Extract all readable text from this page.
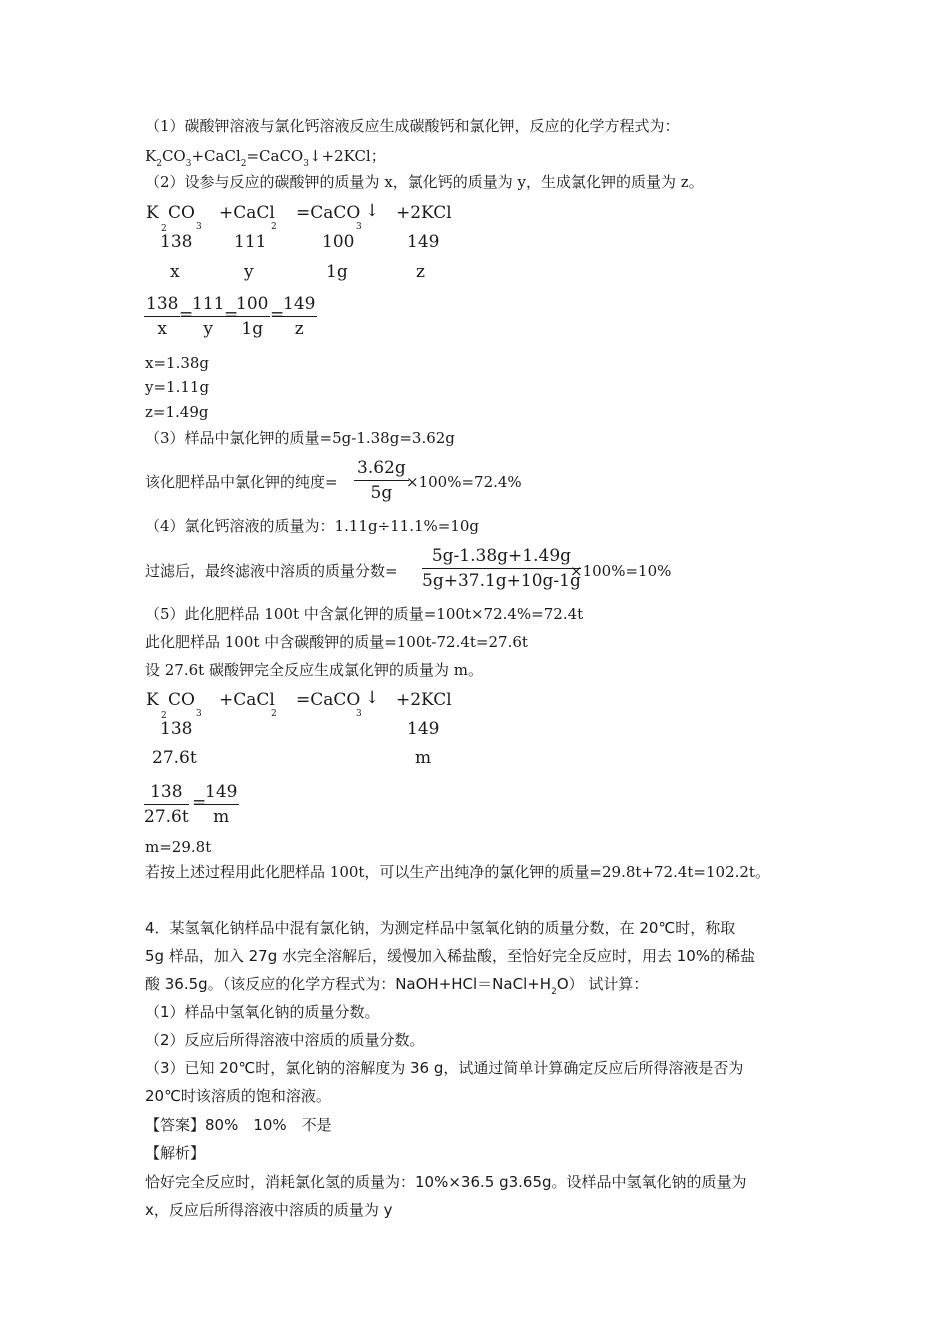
（1）碳酸钾溶液与氯化钙溶液反应生成碳酸钙和氯化钾，反应的化学方程式为：
$K_2CO_3+CaCl_2=CaCO_3↓+2KCl$；
（2）设参与反应的碳酸钾的质量为 x，氯化钙的质量为 y，生成氯化钾的质量为 z。
K CO
2	3
+CaCl
2
=CaCO
3
↓ +2KCl
138 111	100	149
x	y	1g	z
$\frac{138}{x}$
=
$\frac{111}{y}$
=
$\frac{100}{1g}$ =
$\frac{149}{z}$
x=1.38g
y=1.11g
z=1.49g
（3）样品中氯化钾的质量=5g-1.38g=3.62g
该化肥样品中氯化钾的纯度= $\frac{3.62g}{5g}$
×100%=72.4%
（4）氯化钙溶液的质量为：1.11g÷11.1%=10g
过滤后，最终滤液中溶质的质量分数= $\frac{5g-1.38g+1.49g}{5g+37.1g+10g-1g}$
×100%=10%
（5）此化肥样品 100t 中含氯化钾的质量=100t×72.4%=72.4t
此化肥样品 100t 中含碳酸钾的质量=100t-72.4t=27.6t
设 27.6t 碳酸钾完全反应生成氯化钾的质量为 m。
K CO
2	3
+CaCl
2
=CaCO
3
↓ +2KCl
138	149
27.6t	m
$\frac{138}{27.6t}$ =
$\frac{149}{m}$
m=29.8t
若按上述过程用此化肥样品 100t，可以生产出纯净的氯化钾的质量=29.8t+72.4t=102.2t。
4．某氢氧化钠样品中混有氯化钠，为测定样品中氢氧化钠的质量分数，在 20℃时，称取
5g 样品，加入 27g 水完全溶解后，缓慢加入稀盐酸，至恰好完全反应时，用去 10%的稀盐
酸 36.5g。（该反应的化学方程式为：$NaOH+HCl=NaCl+H_2O$） 试计算：
（1）样品中氢氧化钠的质量分数。
（2）反应后所得溶液中溶质的质量分数。
（3）已知 20℃时，氯化钠的溶解度为 36 g，试通过简单计算确定反应后所得溶液是否为
20℃时该溶质的饱和溶液。
【答案】80%　10%　不是
【解析】
恰好完全反应时，消耗氯化氢的质量为：10%×36.5 g3.65g。设样品中氢氧化钠的质量为
x，反应后所得溶液中溶质的质量为 y
